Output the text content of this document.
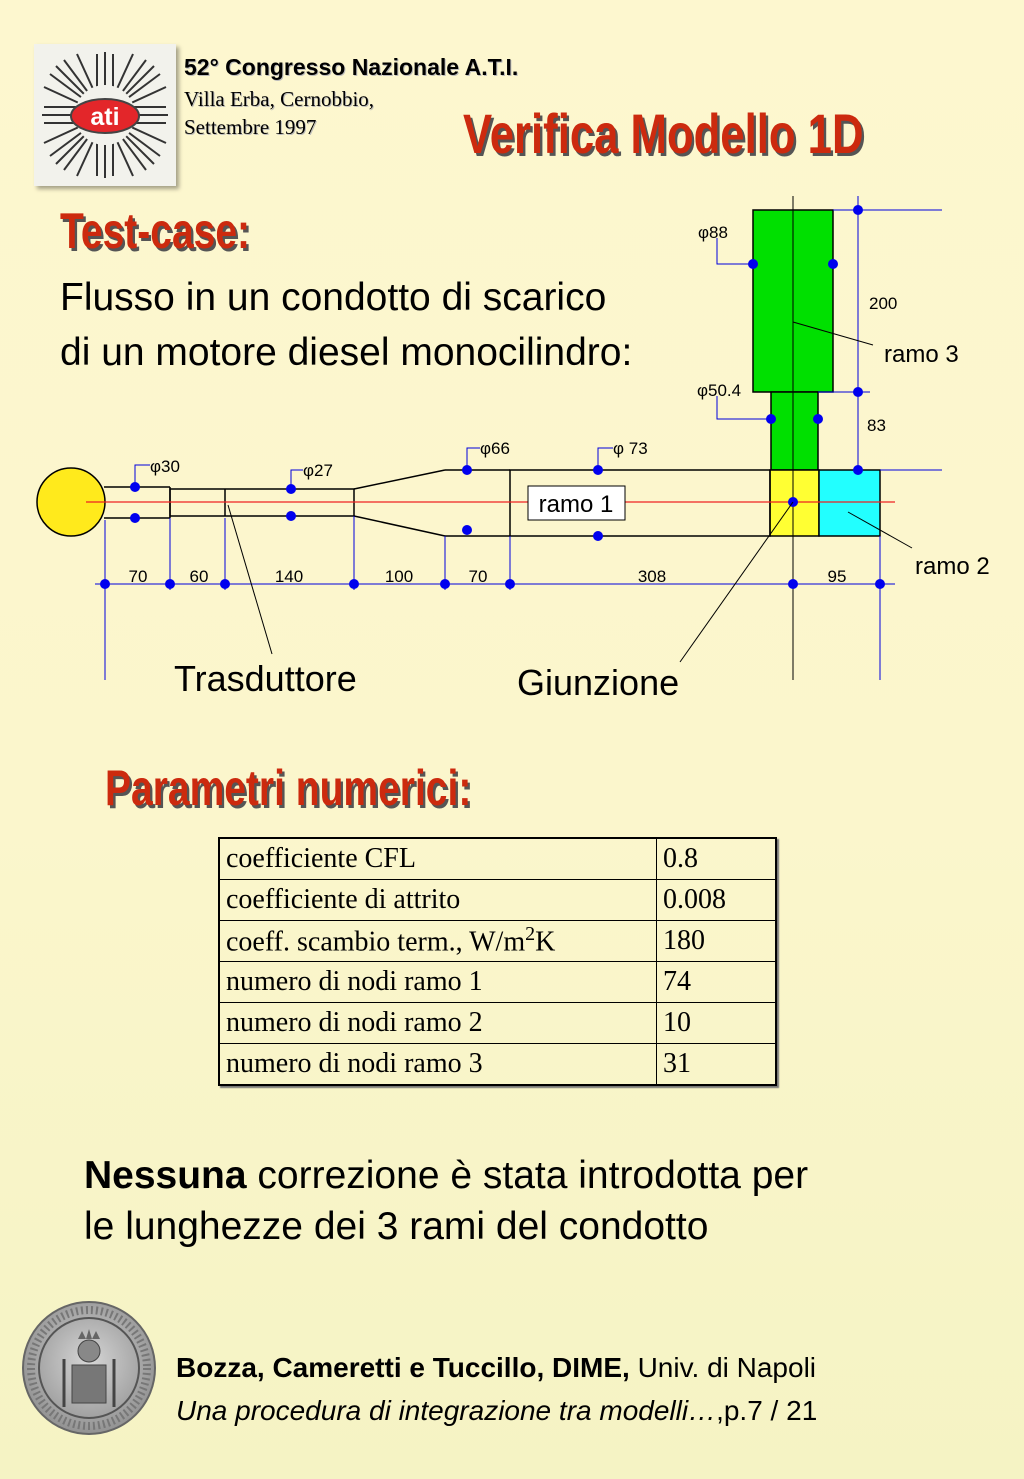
ati
52° Congresso Nazionale A.T.I.
Villa Erba, Cernobbio,
Settembre 1997	Verifica Modello 1D
Test-case:
Flusso in un condotto di scarico
di un motore diesel monocilindro:
φ88
φ50.4
φ30	φ27
φ66	φ 73
200
83
70 60	140	100	70	308	95
ramo 3
ramo 2
ramo 1
Trasduttore	Giunzione
Parametri numerici:
coefficiente CFL	0.8
coefficiente di attrito	0.008
coeff. scambio term., $W/m^2K$	180
numero di nodi ramo 1	74
numero di nodi ramo 2	10
numero di nodi ramo 3	31
Nessuna correzione è stata introdotta per
le lunghezze dei 3 rami del condotto
Bozza, Cameretti e Tuccillo, DIME, Univ. di Napoli
Una procedura di integrazione tra modelli…,p.7 / 21
